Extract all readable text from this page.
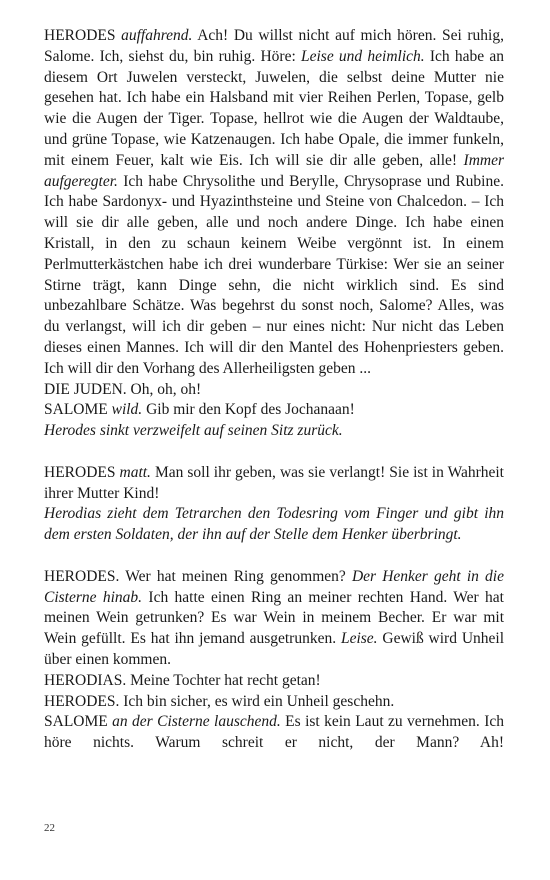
HERODES auffahrend. Ach! Du willst nicht auf mich hören. Sei ruhig, Salome. Ich, siehst du, bin ruhig. Höre: Leise und heimlich. Ich habe an diesem Ort Juwelen versteckt, Juwelen, die selbst deine Mutter nie gesehen hat. Ich habe ein Halsband mit vier Reihen Perlen, Topase, gelb wie die Augen der Tiger. Topase, hellrot wie die Augen der Waldtaube, und grüne Topase, wie Katzenaugen. Ich habe Opale, die immer funkeln, mit einem Feuer, kalt wie Eis. Ich will sie dir alle geben, alle! Immer aufgeregter. Ich habe Chrysolithe und Berylle, Chrysoprase und Rubine. Ich habe Sardonyx- und Hyazinthsteine und Steine von Chalcedon. – Ich will sie dir alle geben, alle und noch andere Dinge. Ich habe einen Kristall, in den zu schaun keinem Weibe vergönnt ist. In einem Perlmutterkästchen habe ich drei wunderbare Türkise: Wer sie an seiner Stirne trägt, kann Dinge sehn, die nicht wirklich sind. Es sind unbezahlbare Schätze. Was begehrst du sonst noch, Salome? Alles, was du verlangst, will ich dir geben – nur eines nicht: Nur nicht das Leben dieses einen Mannes. Ich will dir den Mantel des Hohenpriesters geben. Ich will dir den Vorhang des Allerheiligsten geben ...

DIE JUDEN. Oh, oh, oh!

SALOME wild. Gib mir den Kopf des Jochanaan!

Herodes sinkt verzweifelt auf seinen Sitz zurück.

HERODES matt. Man soll ihr geben, was sie verlangt! Sie ist in Wahrheit ihrer Mutter Kind!

Herodias zieht dem Tetrarchen den Todesring vom Finger und gibt ihn dem ersten Soldaten, der ihn auf der Stelle dem Henker überbringt.

HERODES. Wer hat meinen Ring genommen? Der Henker geht in die Cisterne hinab. Ich hatte einen Ring an meiner rechten Hand. Wer hat meinen Wein getrunken? Es war Wein in meinem Becher. Er war mit Wein gefüllt. Es hat ihn jemand ausgetrunken. Leise. Gewiß wird Unheil über einen kommen.

HERODIAS. Meine Tochter hat recht getan!

HERODES. Ich bin sicher, es wird ein Unheil geschehn.

SALOME an der Cisterne lauschend. Es ist kein Laut zu vernehmen. Ich höre nichts. Warum schreit er nicht, der Mann? Ah!

22
